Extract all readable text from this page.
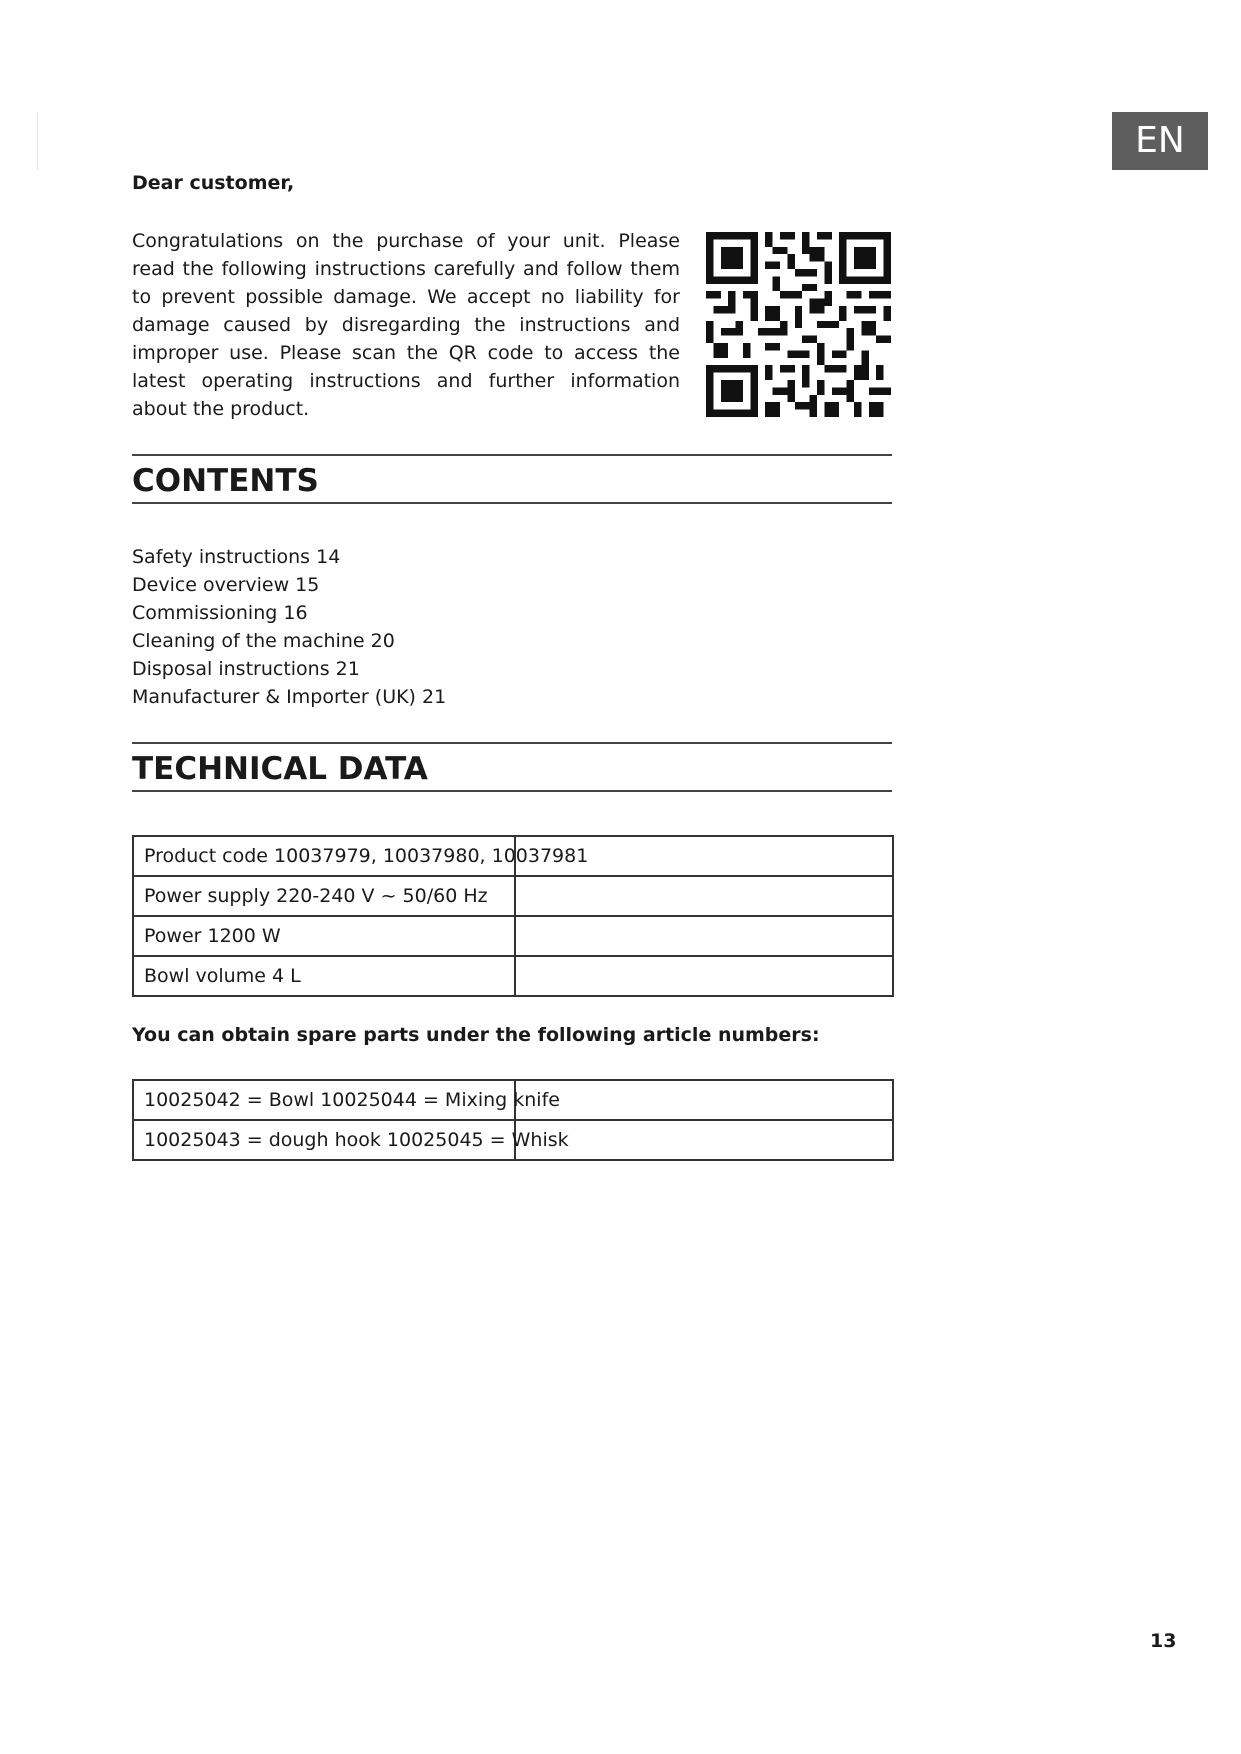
EN

Dear customer,

Congratulations on the purchase of your unit. Please read the following instructions carefully and follow them to prevent possible damage. We accept no liability for damage caused by disregarding the instructions and improper use. Please scan the QR code to access the latest operating instructions and further information about the product.

CONTENTS
Safety instructions 14
Device overview 15
Commissioning 16
Cleaning of the machine 20
Disposal instructions 21
Manufacturer & Importer (UK) 21
TECHNICAL DATA
Product code 10037979, 10037980, 10037981	
Power supply 220-240 V ~ 50/60 Hz	
Power 1200 W	
Bowl volume 4 L	

You can obtain spare parts under the following article numbers:

10025042 = Bowl 10025044 = Mixing knife	
10025043 = dough hook 10025045 = Whisk	

13
